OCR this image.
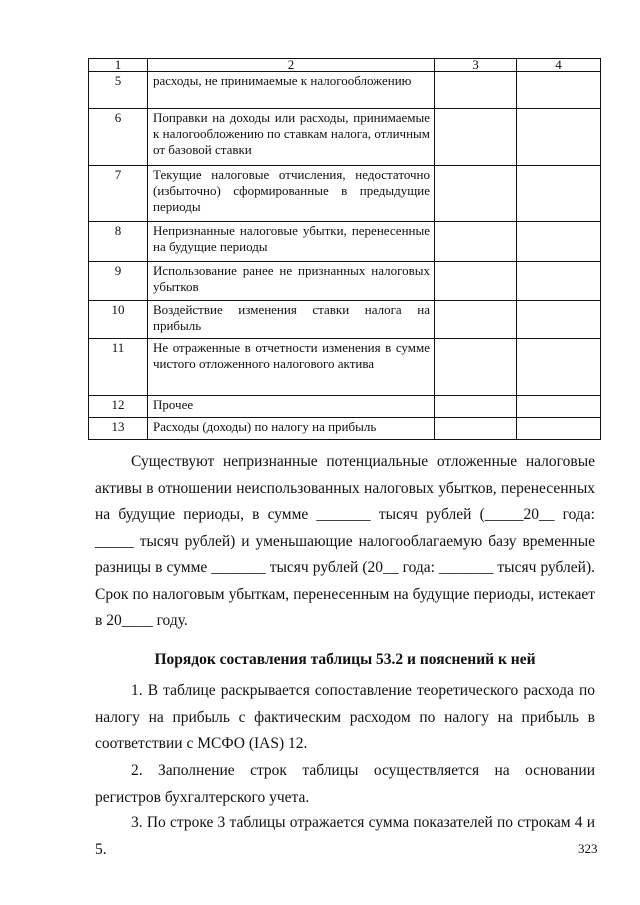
1	2	3	4
5	расходы, не принимаемые к налогообложению		
6	Поправки на доходы или расходы, принимаемые к налогообложению по ставкам налога, отличным от базовой ставки		
7	Текущие налоговые отчисления, недостаточно (избыточно) сформированные в предыдущие периоды		
8	Непризнанные налоговые убытки, перенесенные на будущие периоды		
9	Использование ранее не признанных налоговых убытков		
10	Воздействие изменения ставки налога на прибыль		
11	Не отраженные в отчетности изменения в сумме чистого отложенного налогового актива		
12	Прочее		
13	Расходы (доходы) по налогу на прибыль		

Существуют непризнанные потенциальные отложенные налоговые активы в отношении неиспользованных налоговых убытков, перенесенных на будущие периоды, в сумме _______ тысяч рублей (_____20__ года: _____ тысяч рублей) и уменьшающие налогооблагаемую базу временные разницы в сумме _______ тысяч рублей (20__ года: _______ тысяч рублей). Срок по налоговым убыткам, перенесенным на будущие периоды, истекает в 20____ году.

Порядок составления таблицы 53.2 и пояснений к ней

1. В таблице раскрывается сопоставление теоретического расхода по налогу на прибыль с фактическим расходом по налогу на прибыль в соответствии с МСФО (IAS) 12.

2. Заполнение строк таблицы осуществляется на основании регистров бухгалтерского учета.

3. По строке 3 таблицы отражается сумма показателей по строкам 4 и 5.	323
